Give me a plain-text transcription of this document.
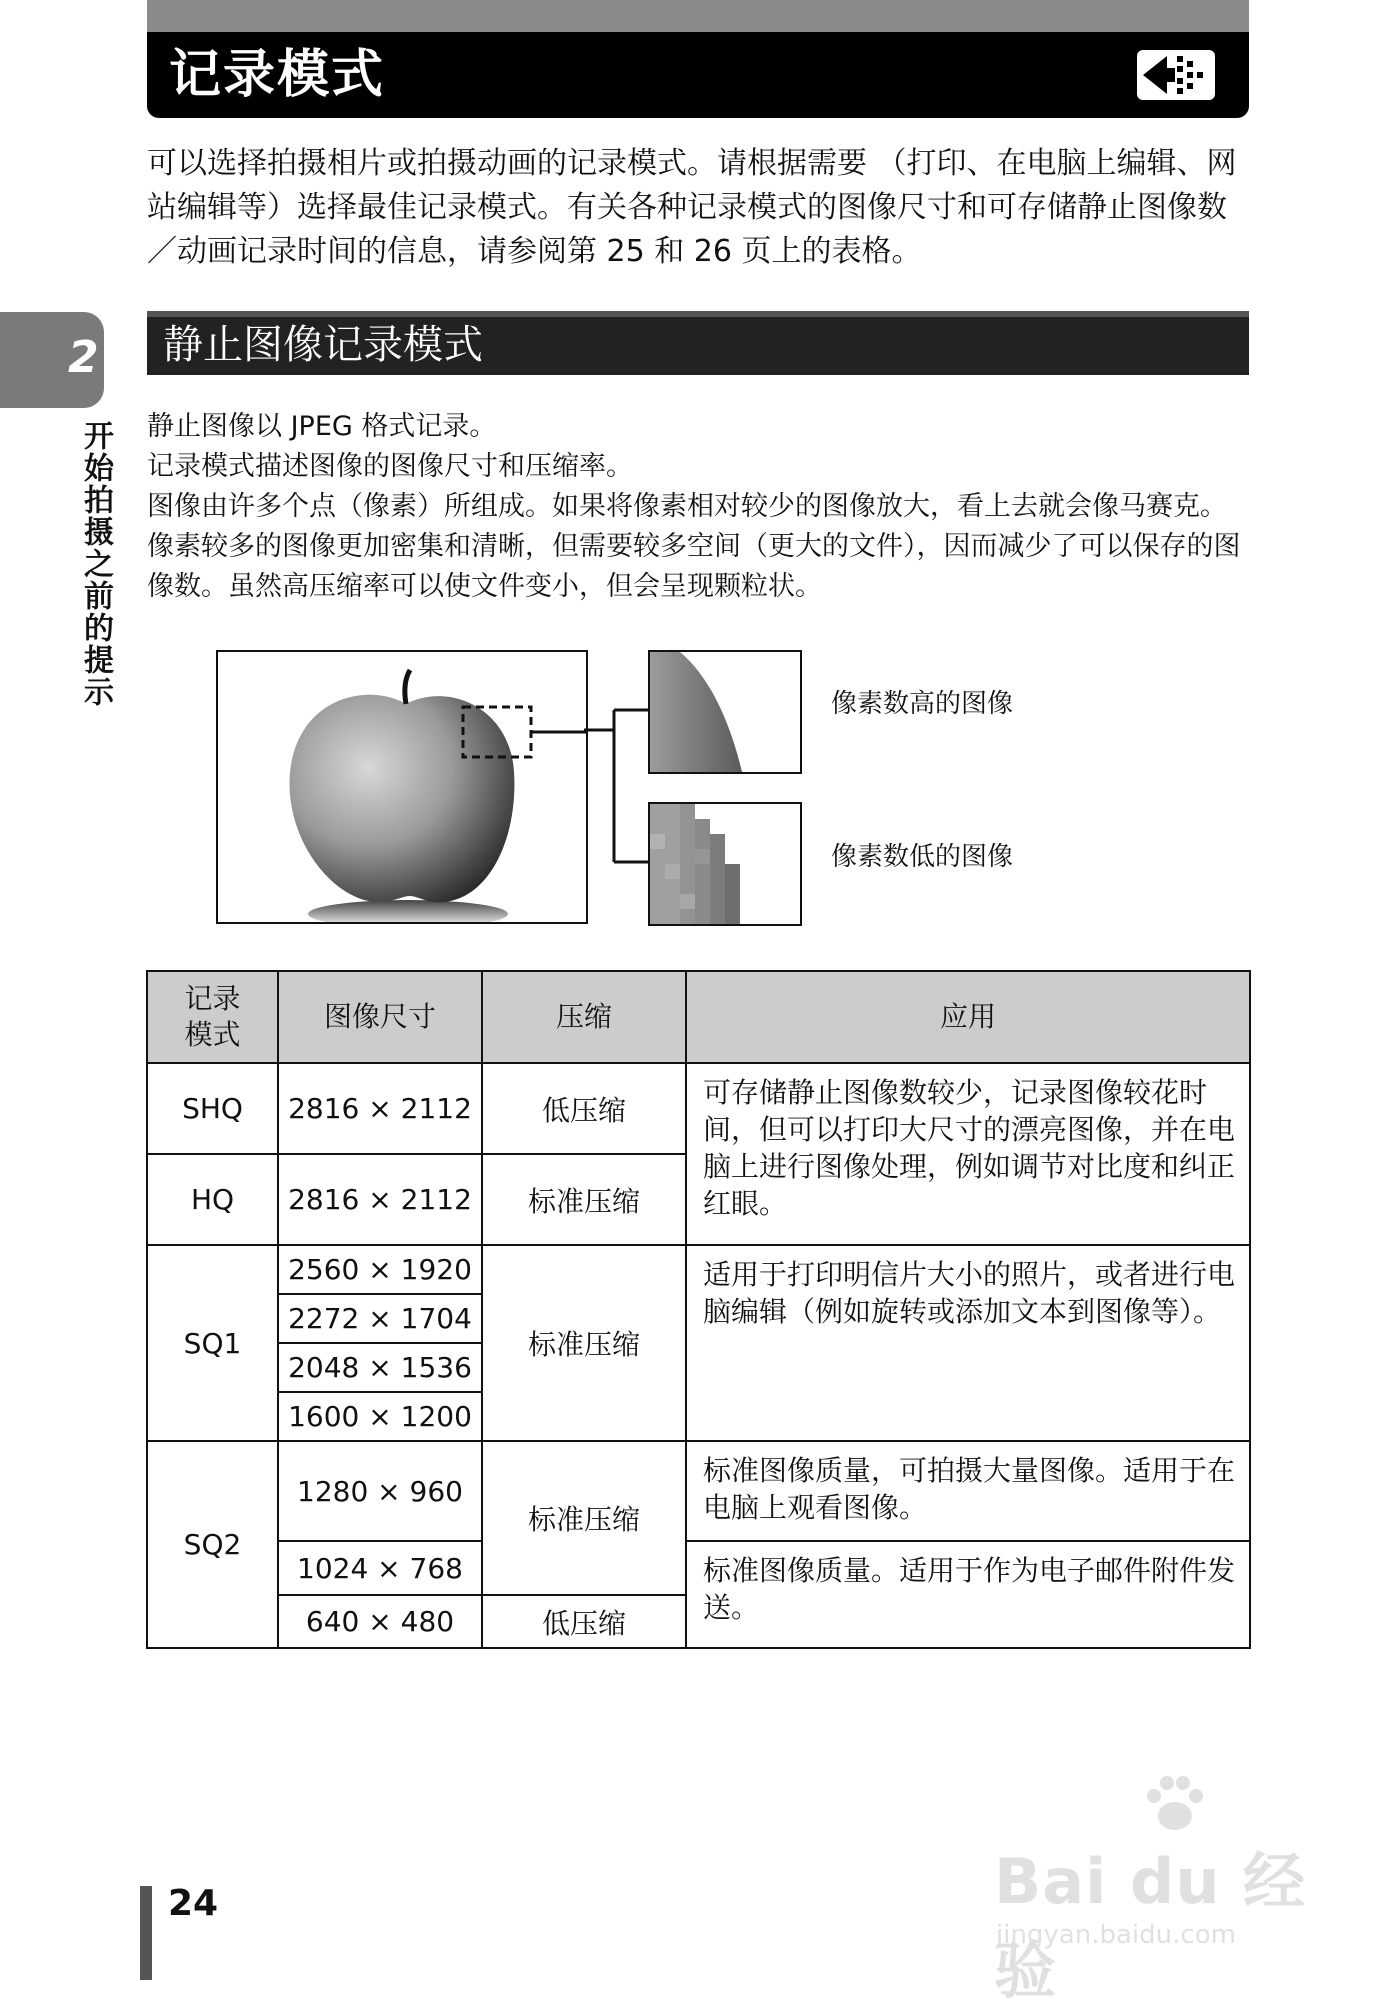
记录模式
可以选择拍摄相片或拍摄动画的记录模式。请根据需要 （打印、在电脑上编辑、网站编辑等）选择最佳记录模式。有关各种记录模式的图像尺寸和可存储静止图像数／动画记录时间的信息，请参阅第 25 和 26 页上的表格。
静止图像记录模式
2
开始拍摄之前的提示 静止图像以 JPEG 格式记录。

记录模式描述图像的图像尺寸和压缩率。

图像由许多个点（像素）所组成。如果将像素相对较少的图像放大，看上去就会像马赛克。像素较多的图像更加密集和清晰，但需要较多空间（更大的文件），因而减少了可以保存的图像数。虽然高压缩率可以使文件变小，但会呈现颗粒状。

像素数高的图像
像素数低的图像
记录
模式	图像尺寸	压缩	应用
SHQ	2816 × 2112	低压缩	可存储静止图像数较少，记录图像较花时间，但可以打印大尺寸的漂亮图像，并在电脑上进行图像处理，例如调节对比度和纠正红眼。
HQ	2816 × 2112	标准压缩	
SQ1	2560 × 1920	标准压缩	适用于打印明信片大小的照片，或者进行电脑编辑（例如旋转或添加文本到图像等）。
	2272 × 1704		
	2048 × 1536		
	1600 × 1200		
SQ2	1280 × 960	标准压缩	标准图像质量，可拍摄大量图像。适用于在电脑上观看图像。
	1024 × 768		标准图像质量。适用于作为电子邮件附件发送。
	640 × 480	低压缩	
24	Bai du 经验
jingyan.baidu.com
